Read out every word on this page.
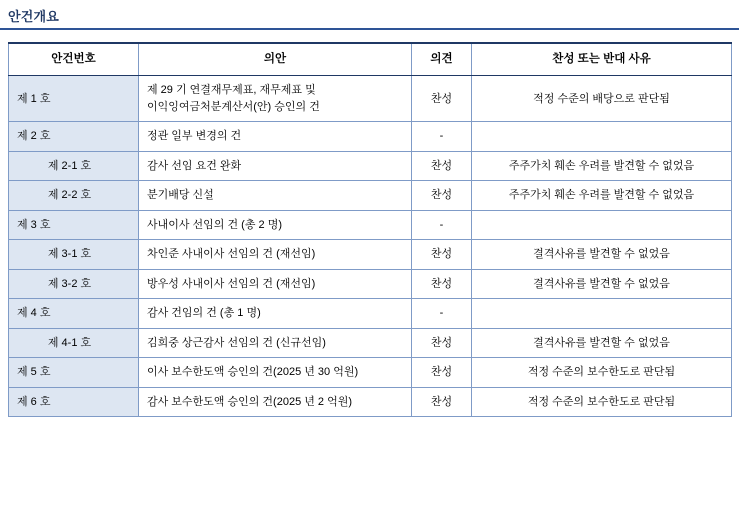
안건개요
안건번호	의안	의견	찬성 또는 반대 사유
제 1 호	제 29 기 연결재무제표, 재무제표 및
이익잉여금처분계산서(안) 승인의 건	찬성	적정 수준의 배당으로 판단됨
제 2 호	정관 일부 변경의 건	-	
제 2-1 호	감사 선임 요건 완화	찬성	주주가치 훼손 우려를 발견할 수 없었음
제 2-2 호	분기배당 신설	찬성	주주가치 훼손 우려를 발견할 수 없었음
제 3 호	사내이사 선임의 건 (총 2 명)	-	
제 3-1 호	차인준 사내이사 선임의 건 (재선임)	찬성	결격사유를 발견할 수 없었음
제 3-2 호	방우성 사내이사 선임의 건 (재선임)	찬성	결격사유를 발견할 수 없었음
제 4 호	감사 건임의 건 (총 1 명)	-	
제 4-1 호	김희중 상근감사 선임의 건 (신규선임)	찬성	결격사유를 발견할 수 없었음
제 5 호	이사 보수한도액 승인의 건(2025 년 30 억원)	찬성	적정 수준의 보수한도로 판단됨
제 6 호	감사 보수한도액 승인의 건(2025 년 2 억원)	찬성	적정 수준의 보수한도로 판단됨
